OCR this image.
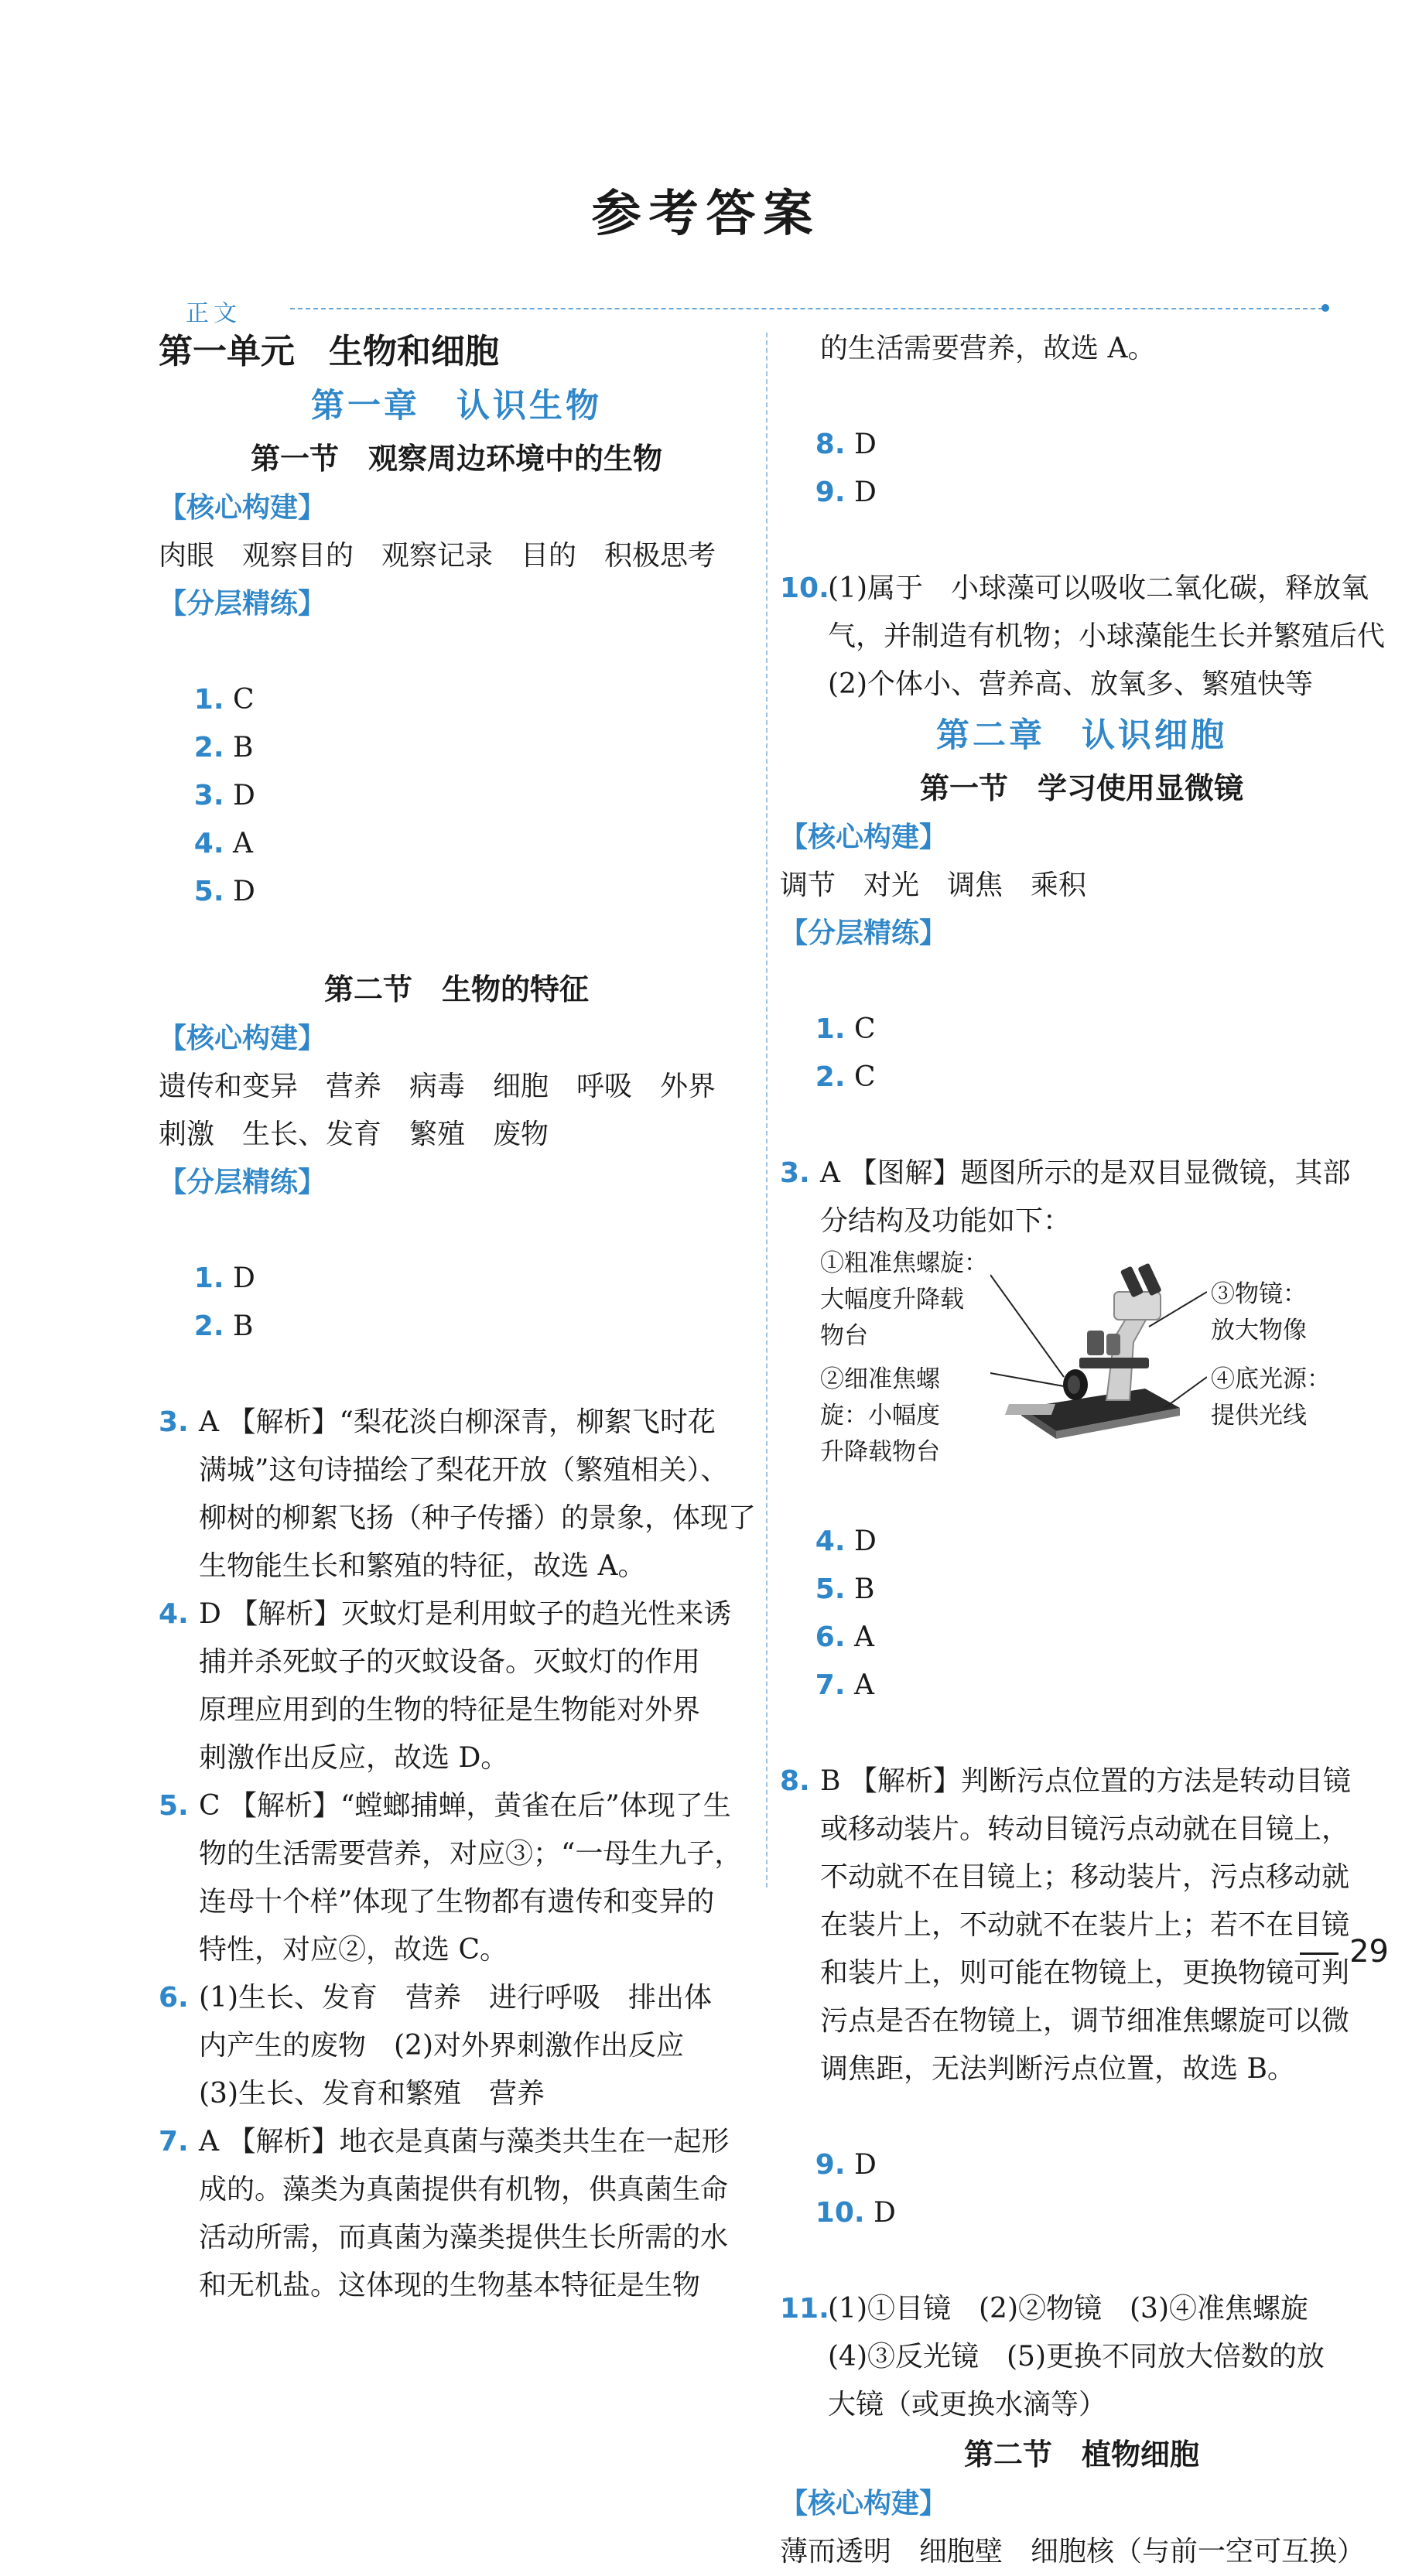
参考答案
正文
第一单元　生物和细胞
第一章　认识生物
第一节　观察周边环境中的生物
【核心构建】
肉眼　观察目的　观察记录　目的　积极思考
【分层精练】

1. C　
2. B　
3. D　
4. A　
5. D

第二节　生物的特征
【核心构建】
遗传和变异　营养　病毒　细胞　呼吸　外界
刺激　生长、发育　繁殖　废物
【分层精练】

1. D　
2. B

3. A 【解析】“梨花淡白柳深青，柳絮飞时花
满城”这句诗描绘了梨花开放（繁殖相关）、
柳树的柳絮飞扬（种子传播）的景象，体现了
生物能生长和繁殖的特征，故选 A。
4. D 【解析】灭蚊灯是利用蚊子的趋光性来诱
捕并杀死蚊子的灭蚊设备。灭蚊灯的作用
原理应用到的生物的特征是生物能对外界
刺激作出反应，故选 D。
5. C 【解析】“螳螂捕蝉，黄雀在后”体现了生
物的生活需要营养，对应③；“一母生九子，
连母十个样”体现了生物都有遗传和变异的
特性，对应②，故选 C。
6. (1)生长、发育　营养　进行呼吸　排出体
内产生的废物　(2)对外界刺激作出反应
(3)生长、发育和繁殖　营养
7. A 【解析】地衣是真菌与藻类共生在一起形
成的。藻类为真菌提供有机物，供真菌生命
活动所需，而真菌为藻类提供生长所需的水
和无机盐。这体现的生物基本特征是生物
的生活需要营养，故选 A。

8. D　
9. D

10.
(1)属于　小球藻可以吸收二氧化碳，释放氧
气，并制造有机物；小球藻能生长并繁殖后代
(2)个体小、营养高、放氧多、繁殖快等
第二章　认识细胞
第一节　学习使用显微镜
【核心构建】
调节　对光　调焦　乘积
【分层精练】

1. C　
2. C

3. A 【图解】题图所示的是双目显微镜，其部
分结构及功能如下：
①粗准焦螺旋：
大幅度升降载
物台
②细准焦螺
旋：小幅度
升降载物台
③物镜：
放大物像
④底光源：
提供光线

4. D　
5. B　
6. A　
7. A

8. B 【解析】判断污点位置的方法是转动目镜
或移动装片。转动目镜污点动就在目镜上，
不动就不在目镜上；移动装片，污点移动就
在装片上，不动就不在装片上；若不在目镜
和装片上，则可能在物镜上，更换物镜可判
污点是否在物镜上，调节细准焦螺旋可以微
调焦距，无法判断污点位置，故选 B。

9. D　
10. D

11.
(1)①目镜　(2)②物镜　(3)④准焦螺旋
(4)③反光镜　(5)更换不同放大倍数的放
大镜（或更换水滴等）
第二节　植物细胞
【核心构建】
薄而透明　细胞壁　细胞核（与前一空可互换）
29
